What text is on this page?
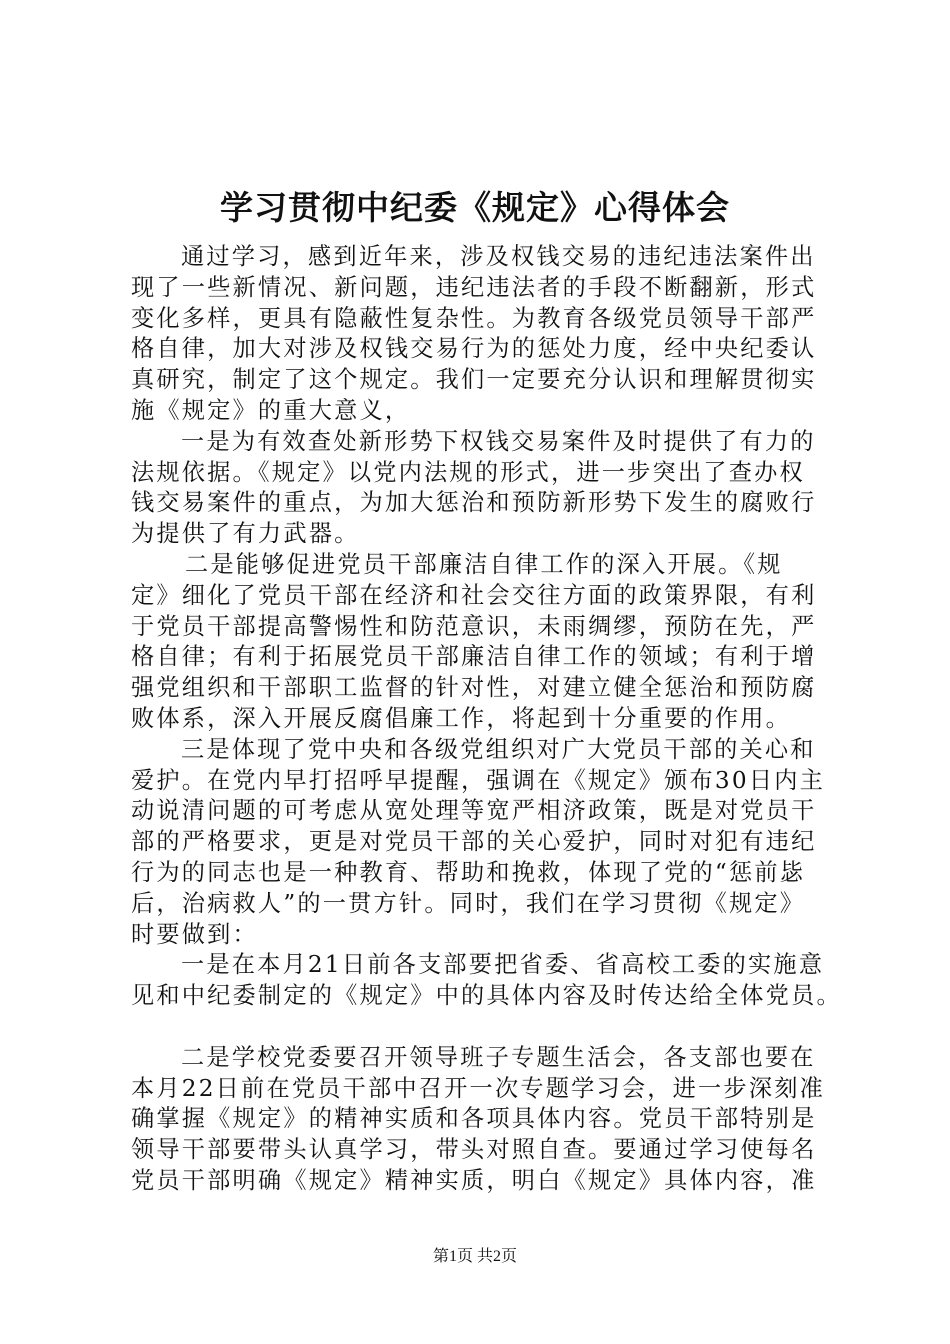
学习贯彻中纪委《规定》心得体会
通过学习，感到近年来，涉及权钱交易的违纪违法案件出
现了一些新情况、新问题，违纪违法者的手段不断翻新，形式
变化多样，更具有隐蔽性复杂性。为教育各级党员领导干部严
格自律，加大对涉及权钱交易行为的惩处力度，经中央纪委认
真研究，制定了这个规定。我们一定要充分认识和理解贯彻实
施《规定》的重大意义，
一是为有效查处新形势下权钱交易案件及时提供了有力的
法规依据。《规定》以党内法规的形式，进一步突出了查办权
钱交易案件的重点，为加大惩治和预防新形势下发生的腐败行
为提供了有力武器。
二是能够促进党员干部廉洁自律工作的深入开展。《规
定》细化了党员干部在经济和社会交往方面的政策界限，有利
于党员干部提高警惕性和防范意识，未雨绸缪，预防在先，严
格自律；有利于拓展党员干部廉洁自律工作的领域；有利于增
强党组织和干部职工监督的针对性，对建立健全惩治和预防腐
败体系，深入开展反腐倡廉工作，将起到十分重要的作用。
三是体现了党中央和各级党组织对广大党员干部的关心和
爱护。在党内早打招呼早提醒，强调在《规定》颁布30日内主
动说清问题的可考虑从宽处理等宽严相济政策，既是对党员干
部的严格要求，更是对党员干部的关心爱护，同时对犯有违纪
行为的同志也是一种教育、帮助和挽救，体现了党的“惩前毖
后，治病救人”的一贯方针。同时，我们在学习贯彻《规定》
时要做到：
一是在本月21日前各支部要把省委、省高校工委的实施意
见和中纪委制定的《规定》中的具体内容及时传达给全体党员。
二是学校党委要召开领导班子专题生活会，各支部也要在
本月22日前在党员干部中召开一次专题学习会，进一步深刻准
确掌握《规定》的精神实质和各项具体内容。党员干部特别是
领导干部要带头认真学习，带头对照自查。要通过学习使每名
党员干部明确《规定》精神实质，明白《规定》具体内容，准
第1页 共2页
